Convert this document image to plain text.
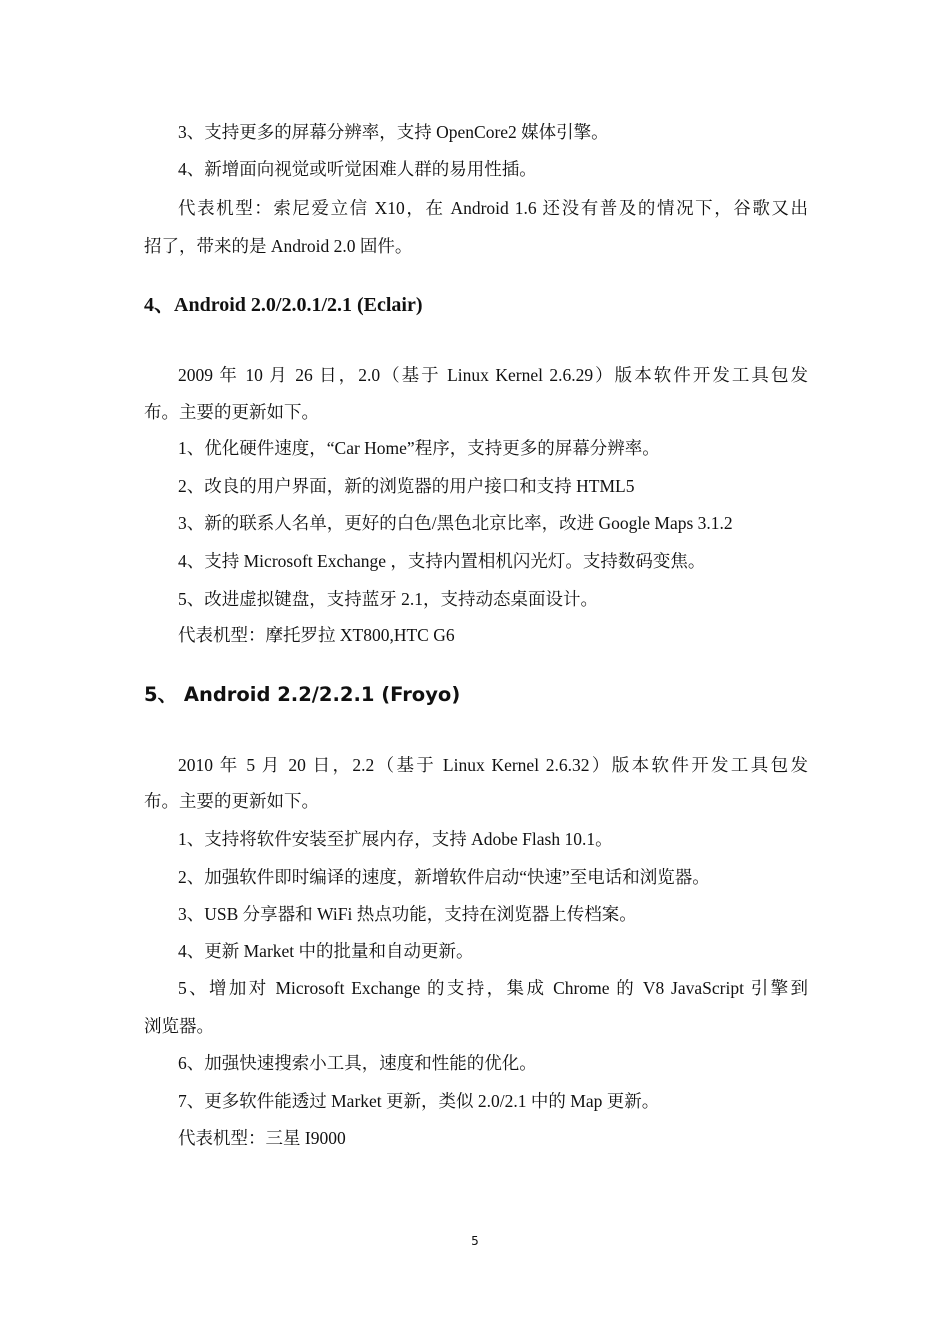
3、支持更多的屏幕分辨率，支持 OpenCore2 媒体引擎。
4、新增面向视觉或听觉困难人群的易用性插。
代表机型：索尼爱立信 X10，在 Android 1.6 还没有普及的情况下，谷歌又出
招了，带来的是 Android 2.0 固件。
4、Android 2.0/2.0.1/2.1 (Eclair)
2009 年 10 月 26 日，2.0（基于 Linux Kernel 2.6.29）版本软件开发工具包发
布。主要的更新如下。
1、优化硬件速度，“Car Home”程序，支持更多的屏幕分辨率。
2、改良的用户界面，新的浏览器的用户接口和支持 HTML5
3、新的联系人名单，更好的白色/黑色北京比率，改进 Google Maps 3.1.2
4、支持 Microsoft Exchange ，支持内置相机闪光灯。支持数码变焦。
5、改进虚拟键盘，支持蓝牙 2.1，支持动态桌面设计。
代表机型：摩托罗拉 XT800,HTC G6
5、 Android 2.2/2.2.1 (Froyo)
2010 年 5 月 20 日，2.2（基于 Linux Kernel 2.6.32）版本软件开发工具包发
布。主要的更新如下。
1、支持将软件安装至扩展内存，支持 Adobe Flash 10.1。
2、加强软件即时编译的速度，新增软件启动“快速”至电话和浏览器。
3、USB 分享器和 WiFi 热点功能，支持在浏览器上传档案。
4、更新 Market 中的批量和自动更新。
5、增加对 Microsoft Exchange 的支持，集成 Chrome 的 V8 JavaScript 引擎到
浏览器。
6、加强快速搜索小工具，速度和性能的优化。
7、更多软件能透过 Market 更新，类似 2.0/2.1 中的 Map 更新。
代表机型：三星 I9000
5
